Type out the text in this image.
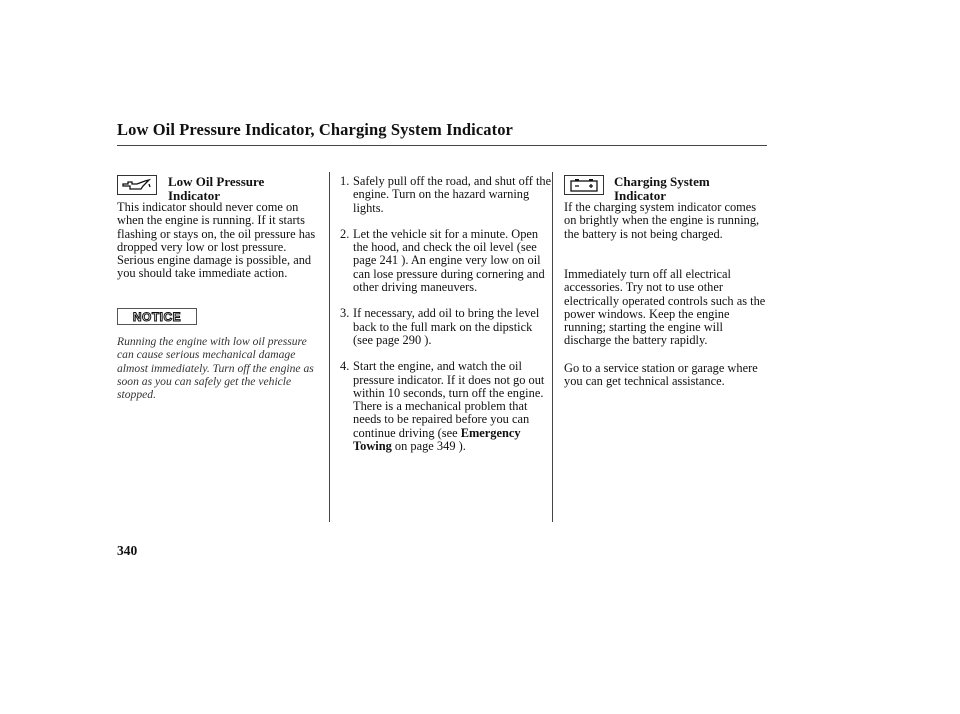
Low Oil Pressure Indicator, Charging System Indicator
Low Oil Pressure
Indicator

This indicator should never come on when the engine is running. If it starts flashing or stays on, the oil pressure has dropped very low or lost pressure. Serious engine damage is possible, and you should take immediate action.

NOTICE

Running the engine with low oil pressure can cause serious mechanical damage almost immediately. Turn off the engine as soon as you can safely get the vehicle stopped.

1. Safely pull off the road, and shut off the engine. Turn on the hazard warning lights.
2. Let the vehicle sit for a minute. Open the hood, and check the oil level (see page 241 ). An engine very low on oil can lose pressure during cornering and other driving maneuvers.
3. If necessary, add oil to bring the level back to the full mark on the dipstick (see page 290 ).
4. Start the engine, and watch the oil pressure indicator. If it does not go out within 10 seconds, turn off the engine. There is a mechanical problem that needs to be repaired before you can continue driving (see Emergency Towing on page 349 ).
Charging System
Indicator

If the charging system indicator comes on brightly when the engine is running, the battery is not being charged.

Immediately turn off all electrical accessories. Try not to use other electrically operated controls such as the power windows. Keep the engine running; starting the engine will discharge the battery rapidly.

Go to a service station or garage where you can get technical assistance.

340
